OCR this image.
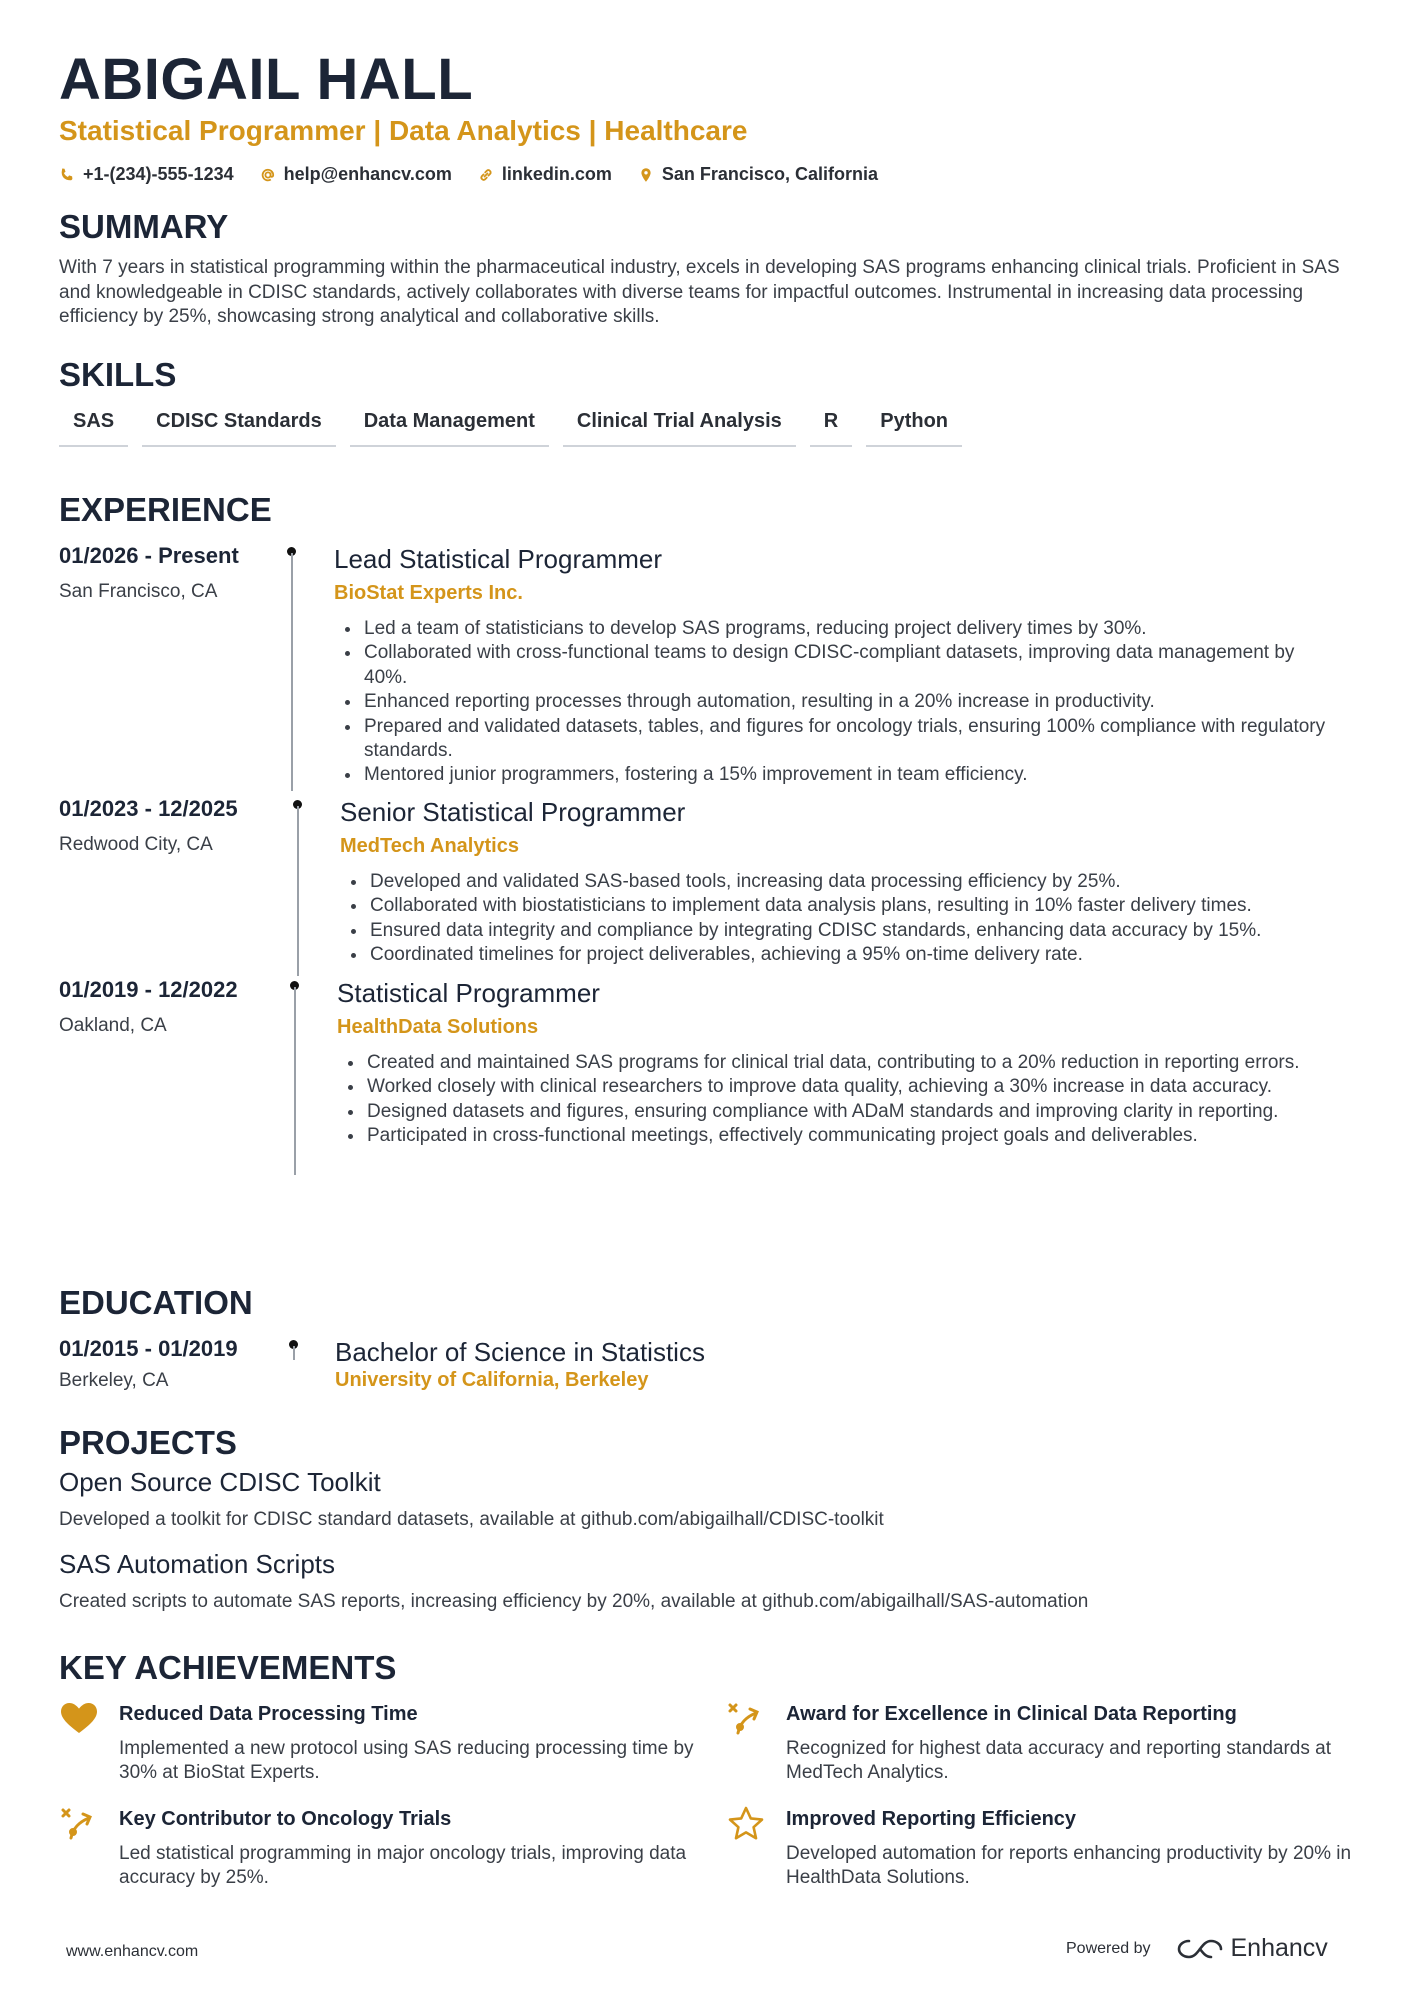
ABIGAIL HALL
Statistical Programmer | Data Analytics | Healthcare
+1-(234)-555-1234	help@enhancv.com	linkedin.com	San Francisco, California
SUMMARY
With 7 years in statistical programming within the pharmaceutical industry, excels in developing SAS programs enhancing clinical trials. Proficient in SAS and knowledgeable in CDISC standards, actively collaborates with diverse teams for impactful outcomes. Instrumental in increasing data processing efficiency by 25%, showcasing strong analytical and collaborative skills.
SKILLS
SAS	CDISC Standards	Data Management	Clinical Trial Analysis	R	Python
EXPERIENCE
01/2026 - Present
San Francisco, CA
Lead Statistical Programmer
BioStat Experts Inc.
• Led a team of statisticians to develop SAS programs, reducing project delivery times by 30%.
• Collaborated with cross-functional teams to design CDISC-compliant datasets, improving data management by 40%.
• Enhanced reporting processes through automation, resulting in a 20% increase in productivity.
• Prepared and validated datasets, tables, and figures for oncology trials, ensuring 100% compliance with regulatory standards.
• Mentored junior programmers, fostering a 15% improvement in team efficiency.
01/2023 - 12/2025
Redwood City, CA
Senior Statistical Programmer
MedTech Analytics
• Developed and validated SAS-based tools, increasing data processing efficiency by 25%.
• Collaborated with biostatisticians to implement data analysis plans, resulting in 10% faster delivery times.
• Ensured data integrity and compliance by integrating CDISC standards, enhancing data accuracy by 15%.
• Coordinated timelines for project deliverables, achieving a 95% on-time delivery rate.
01/2019 - 12/2022
Oakland, CA
Statistical Programmer
HealthData Solutions
• Created and maintained SAS programs for clinical trial data, contributing to a 20% reduction in reporting errors.
• Worked closely with clinical researchers to improve data quality, achieving a 30% increase in data accuracy.
• Designed datasets and figures, ensuring compliance with ADaM standards and improving clarity in reporting.
• Participated in cross-functional meetings, effectively communicating project goals and deliverables.
EDUCATION
01/2015 - 01/2019
Berkeley, CA
Bachelor of Science in Statistics
University of California, Berkeley
PROJECTS
Open Source CDISC Toolkit
Developed a toolkit for CDISC standard datasets, available at github.com/abigailhall/CDISC-toolkit
SAS Automation Scripts
Created scripts to automate SAS reports, increasing efficiency by 20%, available at github.com/abigailhall/SAS-automation
KEY ACHIEVEMENTS
Reduced Data Processing Time
Implemented a new protocol using SAS reducing processing time by 30% at BioStat Experts.
Award for Excellence in Clinical Data Reporting
Recognized for highest data accuracy and reporting standards at MedTech Analytics.
Key Contributor to Oncology Trials
Led statistical programming in major oncology trials, improving data accuracy by 25%.
Improved Reporting Efficiency
Developed automation for reports enhancing productivity by 20% in HealthData Solutions.
www.enhancv.com	Powered by	Enhancv
